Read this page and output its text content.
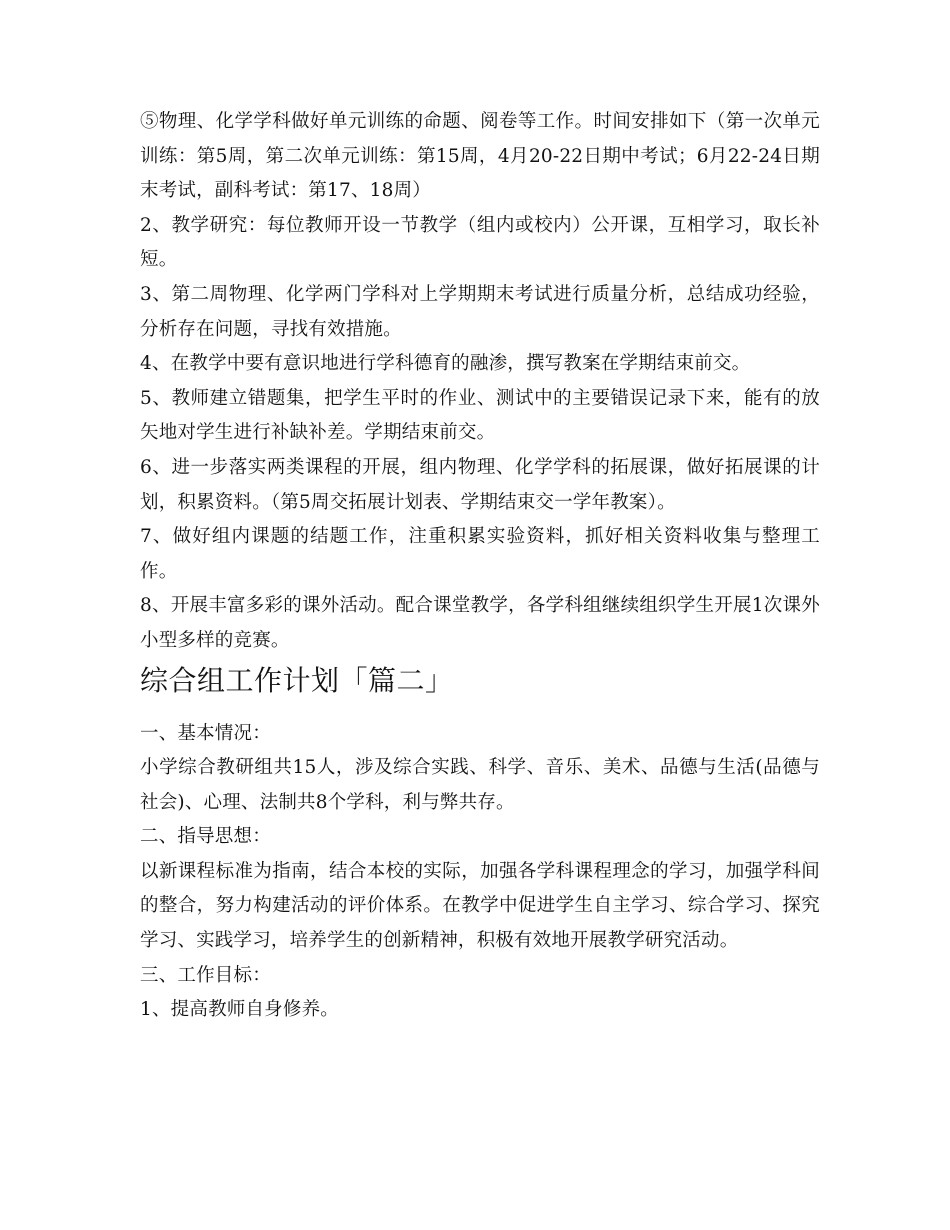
⑤物理、化学学科做好单元训练的命题、阅卷等工作。时间安排如下（第一次单元训练：第5周，第二次单元训练：第15周，4月20-22日期中考试；6月22-24日期末考试，副科考试：第17、18周）

2、教学研究：每位教师开设一节教学（组内或校内）公开课，互相学习，取长补短。

3、第二周物理、化学两门学科对上学期期末考试进行质量分析，总结成功经验，分析存在问题，寻找有效措施。

4、在教学中要有意识地进行学科德育的融渗，撰写教案在学期结束前交。

5、教师建立错题集，把学生平时的作业、测试中的主要错误记录下来，能有的放矢地对学生进行补缺补差。学期结束前交。

6、进一步落实两类课程的开展，组内物理、化学学科的拓展课，做好拓展课的计划，积累资料。（第5周交拓展计划表、学期结束交一学年教案）。

7、做好组内课题的结题工作，注重积累实验资料，抓好相关资料收集与整理工作。

8、开展丰富多彩的课外活动。配合课堂教学，各学科组继续组织学生开展1次课外小型多样的竞赛。

综合组工作计划「篇二」

一、基本情况：

小学综合教研组共15人，涉及综合实践、科学、音乐、美术、品德与生活(品德与社会)、心理、法制共8个学科，利与弊共存。

二、指导思想：

以新课程标准为指南，结合本校的实际，加强各学科课程理念的学习，加强学科间的整合，努力构建活动的评价体系。在教学中促进学生自主学习、综合学习、探究学习、实践学习，培养学生的创新精神，积极有效地开展教学研究活动。

三、工作目标：

1、提高教师自身修养。
